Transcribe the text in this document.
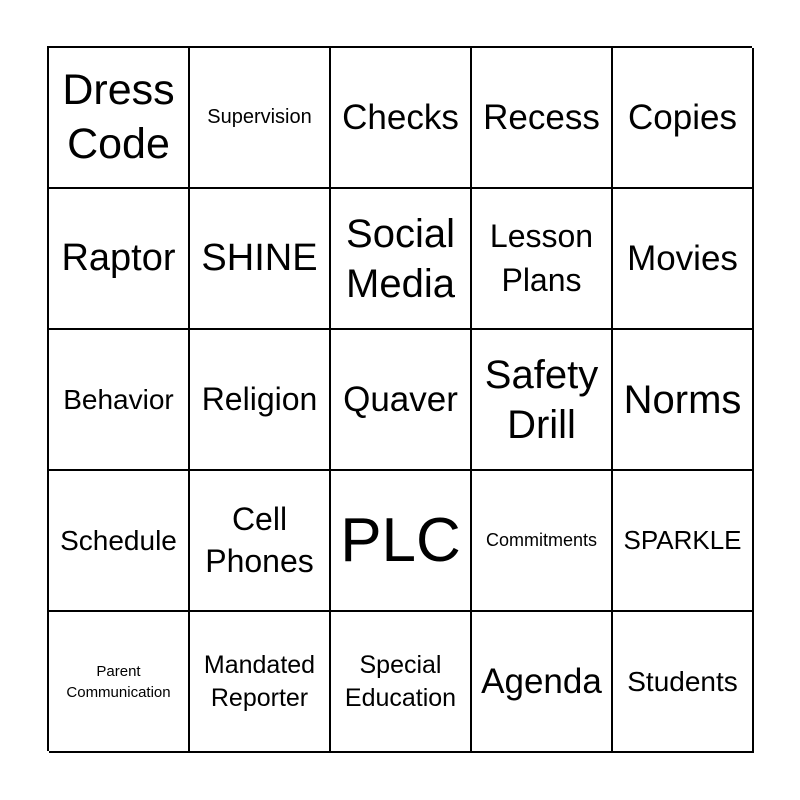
Dress
Code
Supervision Checks Recess Copies
Raptor SHINE
Social
Media
Lesson
Plans
Movies
Behavior Religion Quaver
Safety
Drill
Norms
Schedule
Cell
Phones PLC Commitments SPARKLE
Parent
Communication
Mandated
Reporter
Special
Education Agenda Students
